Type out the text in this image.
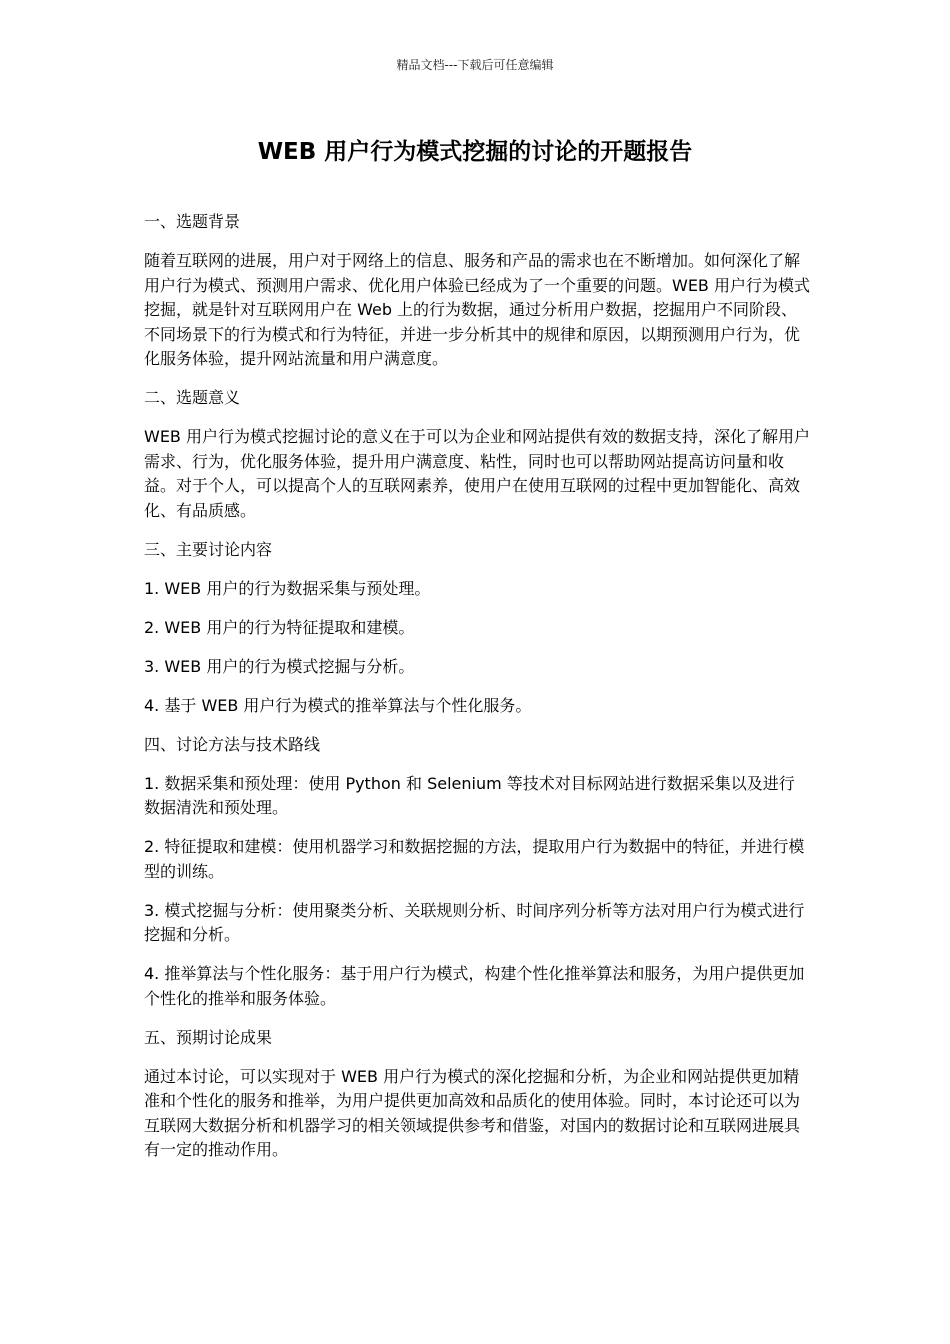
精品文档---下载后可任意编辑
WEB 用户行为模式挖掘的讨论的开题报告
一、选题背景

随着互联网的进展，用户对于网络上的信息、服务和产品的需求也在不断增加。如何深化了解用户行为模式、预测用户需求、优化用户体验已经成为了一个重要的问题。WEB 用户行为模式挖掘，就是针对互联网用户在 Web 上的行为数据，通过分析用户数据，挖掘用户不同阶段、不同场景下的行为模式和行为特征，并进一步分析其中的规律和原因，以期预测用户行为，优化服务体验，提升网站流量和用户满意度。

二、选题意义

WEB 用户行为模式挖掘讨论的意义在于可以为企业和网站提供有效的数据支持，深化了解用户需求、行为，优化服务体验，提升用户满意度、粘性，同时也可以帮助网站提高访问量和收益。对于个人，可以提高个人的互联网素养，使用户在使用互联网的过程中更加智能化、高效化、有品质感。

三、主要讨论内容

1. WEB 用户的行为数据采集与预处理。

2. WEB 用户的行为特征提取和建模。

3. WEB 用户的行为模式挖掘与分析。

4. 基于 WEB 用户行为模式的推举算法与个性化服务。

四、讨论方法与技术路线

1. 数据采集和预处理：使用 Python 和 Selenium 等技术对目标网站进行数据采集以及进行数据清洗和预处理。

2. 特征提取和建模：使用机器学习和数据挖掘的方法，提取用户行为数据中的特征，并进行模型的训练。

3. 模式挖掘与分析：使用聚类分析、关联规则分析、时间序列分析等方法对用户行为模式进行挖掘和分析。

4. 推举算法与个性化服务：基于用户行为模式，构建个性化推举算法和服务，为用户提供更加个性化的推举和服务体验。

五、预期讨论成果

通过本讨论，可以实现对于 WEB 用户行为模式的深化挖掘和分析，为企业和网站提供更加精准和个性化的服务和推举，为用户提供更加高效和品质化的使用体验。同时，本讨论还可以为互联网大数据分析和机器学习的相关领域提供参考和借鉴，对国内的数据讨论和互联网进展具有一定的推动作用。
